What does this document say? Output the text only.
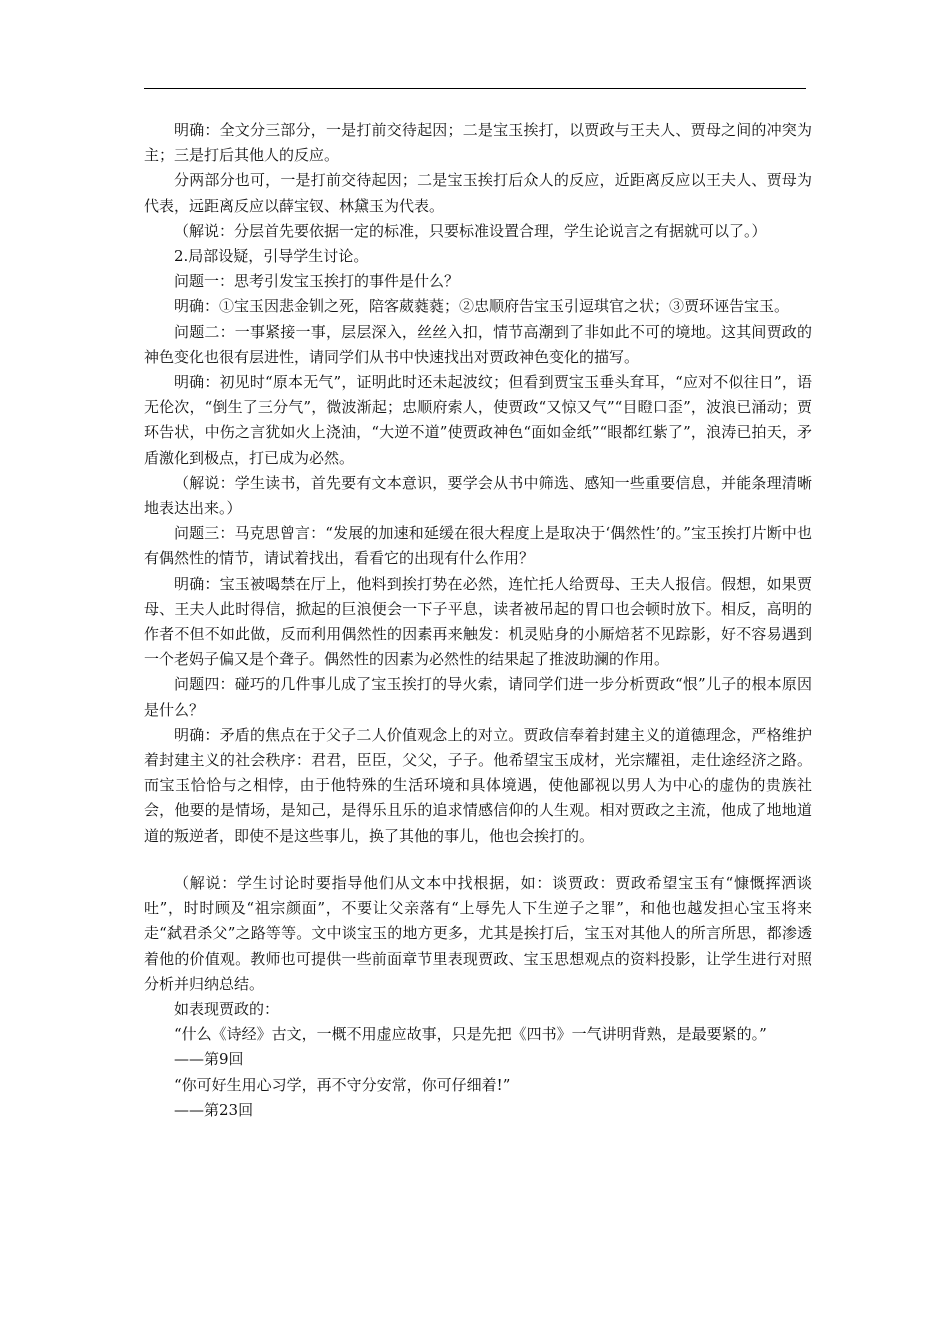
明确：全文分三部分，一是打前交待起因；二是宝玉挨打，以贾政与王夫人、贾母之间的冲突为主；三是打后其他人的反应。

分两部分也可，一是打前交待起因；二是宝玉挨打后众人的反应，近距离反应以王夫人、贾母为代表，远距离反应以薛宝钗、林黛玉为代表。

（解说：分层首先要依据一定的标准，只要标准设置合理，学生论说言之有据就可以了。）

2.局部设疑，引导学生讨论。

问题一：思考引发宝玉挨打的事件是什么？

明确：①宝玉因悲金钏之死，陪客葳蕤蕤；②忠顺府告宝玉引逗琪官之状；③贾环诬告宝玉。

问题二：一事紧接一事，层层深入，丝丝入扣，情节高潮到了非如此不可的境地。这其间贾政的神色变化也很有层进性，请同学们从书中快速找出对贾政神色变化的描写。

明确：初见时“原本无气”，证明此时还未起波纹；但看到贾宝玉垂头耷耳，“应对不似往日”，语无伦次，“倒生了三分气”，微波渐起；忠顺府索人，使贾政“又惊又气”“目瞪口歪”，波浪已涌动；贾环告状，中伤之言犹如火上浇油，“大逆不道”使贾政神色“面如金纸”“眼都红紫了”，浪涛已拍天，矛盾激化到极点，打已成为必然。

（解说：学生读书，首先要有文本意识，要学会从书中筛选、感知一些重要信息，并能条理清晰地表达出来。）

问题三：马克思曾言：“发展的加速和延缓在很大程度上是取决于‘偶然性’的。”宝玉挨打片断中也有偶然性的情节，请试着找出，看看它的出现有什么作用？

明确：宝玉被喝禁在厅上，他料到挨打势在必然，连忙托人给贾母、王夫人报信。假想，如果贾母、王夫人此时得信，掀起的巨浪便会一下子平息，读者被吊起的胃口也会顿时放下。相反，高明的作者不但不如此做，反而利用偶然性的因素再来触发：机灵贴身的小厮焙茗不见踪影，好不容易遇到一个老妈子偏又是个聋子。偶然性的因素为必然性的结果起了推波助澜的作用。

问题四：碰巧的几件事儿成了宝玉挨打的导火索，请同学们进一步分析贾政“恨”儿子的根本原因是什么？

明确：矛盾的焦点在于父子二人价值观念上的对立。贾政信奉着封建主义的道德理念，严格维护着封建主义的社会秩序：君君，臣臣，父父，子子。他希望宝玉成材，光宗耀祖，走仕途经济之路。而宝玉恰恰与之相悖，由于他特殊的生活环境和具体境遇，使他鄙视以男人为中心的虚伪的贵族社会，他要的是情场，是知己，是得乐且乐的追求情感信仰的人生观。相对贾政之主流，他成了地地道道的叛逆者，即使不是这些事儿，换了其他的事儿，他也会挨打的。

（解说：学生讨论时要指导他们从文本中找根据，如：谈贾政：贾政希望宝玉有“慷慨挥洒谈吐”，时时顾及“祖宗颜面”，不要让父亲落有“上辱先人下生逆子之罪”，和他也越发担心宝玉将来走“弑君杀父”之路等等。文中谈宝玉的地方更多，尤其是挨打后，宝玉对其他人的所言所思，都渗透着他的价值观。教师也可提供一些前面章节里表现贾政、宝玉思想观点的资料投影，让学生进行对照分析并归纳总结。

如表现贾政的：

“什么《诗经》古文，一概不用虚应故事，只是先把《四书》一气讲明背熟，是最要紧的。”

——第9回

“你可好生用心习学，再不守分安常，你可仔细着!”

——第23回
